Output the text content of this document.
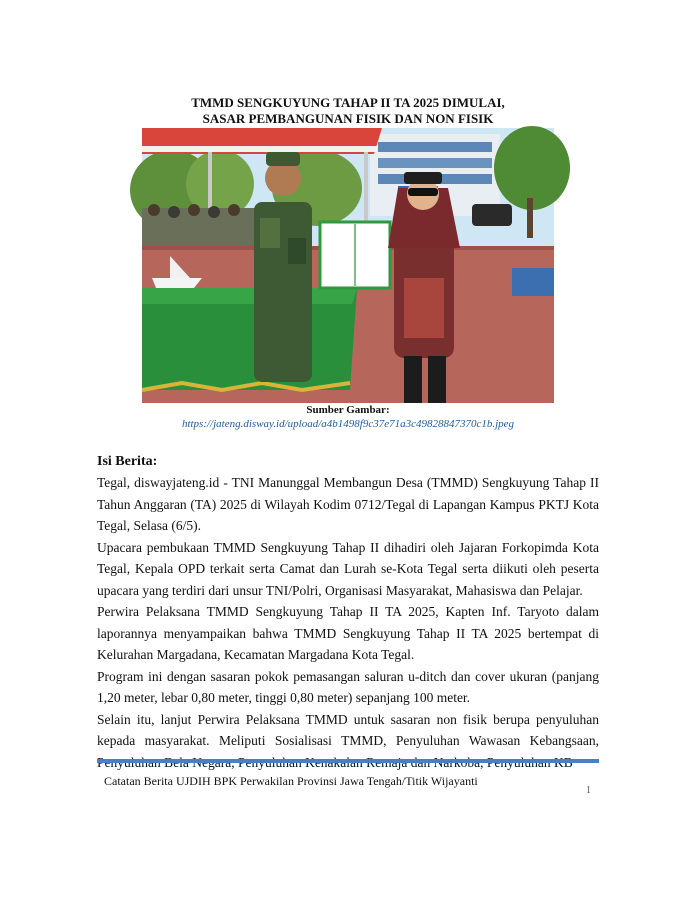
TMMD SENGKUYUNG TAHAP II TA 2025 DIMULAI,
SASAR PEMBANGUNAN FISIK DAN NON FISIK
Sumber Gambar:
https://jateng.disway.id/upload/a4b1498f9c37e71a3c49828847370c1b.jpeg
Isi Berita:

Tegal, diswayjateng.id - TNI Manunggal Membangun Desa (TMMD) Sengkuyung Tahap II Tahun Anggaran (TA) 2025 di Wilayah Kodim 0712/Tegal di Lapangan Kampus PKTJ Kota Tegal, Selasa (6/5).

Upacara pembukaan TMMD Sengkuyung Tahap II dihadiri oleh Jajaran Forkopimda Kota Tegal, Kepala OPD terkait serta Camat dan Lurah se-Kota Tegal serta diikuti oleh peserta upacara yang terdiri dari unsur TNI/Polri, Organisasi Masyarakat, Mahasiswa dan Pelajar.

Perwira Pelaksana TMMD Sengkuyung Tahap II TA 2025, Kapten Inf. Taryoto dalam laporannya menyampaikan bahwa TMMD Sengkuyung Tahap II TA 2025 bertempat di Kelurahan Margadana, Kecamatan Margadana Kota Tegal.

Program ini dengan sasaran pokok pemasangan saluran u-ditch dan cover ukuran (panjang 1,20 meter, lebar 0,80 meter, tinggi 0,80 meter) sepanjang 100 meter.

Selain itu, lanjut Perwira Pelaksana TMMD untuk sasaran non fisik berupa penyuluhan kepada masyarakat. Meliputi Sosialisasi TMMD, Penyuluhan Wawasan Kebangsaan,

Catatan Berita UJDIH BPK Perwakilan Provinsi Jawa Tengah/Titik Wijayanti
1
